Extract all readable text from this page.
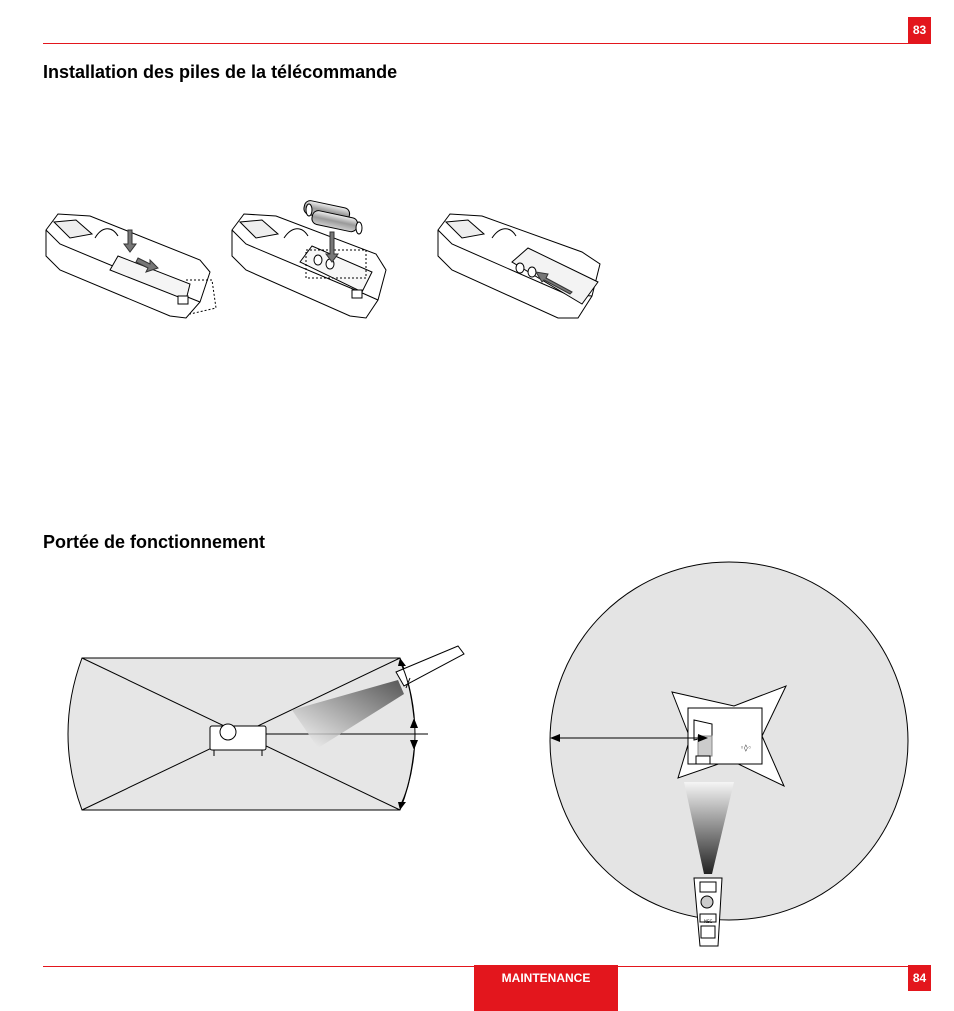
83
Installation des piles de la télécommande
Portée de fonctionnement
◦◊◦
NEC
MAINTENANCE	84
